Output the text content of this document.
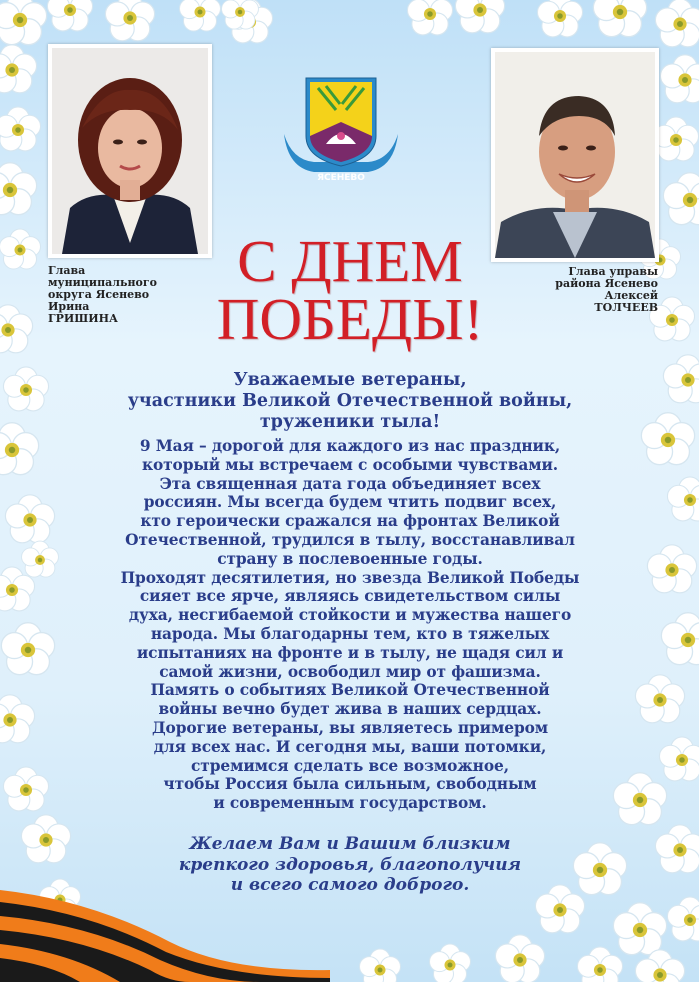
Глава
муниципального
округа Ясенево
Ирина
ГРИШИНА
Глава управы
района Ясенево
Алексей
ТОЛЧЕЕВ
ЯСЕНЕВО
С ДНЕМ
ПОБЕДЫ!
Уважаемые ветераны,
участники Великой Отечественной войны,
труженики тыла!
9 Мая – дорогой для каждого из нас праздник,
который мы встречаем с особыми чувствами.
Эта священная дата года объединяет всех
россиян. Мы всегда будем чтить подвиг всех,
кто героически сражался на фронтах Великой
Отечественной, трудился в тылу, восстанавливал
страну в послевоенные годы.
Проходят десятилетия, но звезда Великой Победы
сияет все ярче, являясь свидетельством силы
духа, несгибаемой стойкости и мужества нашего
народа. Мы благодарны тем, кто в тяжелых
испытаниях на фронте и в тылу, не щадя сил и
самой жизни, освободил мир от фашизма.
Память о событиях Великой Отечественной
войны вечно будет жива в наших сердцах.
Дорогие ветераны, вы являетесь примером
для всех нас. И сегодня мы, ваши потомки,
стремимся сделать все возможное,
чтобы Россия была сильным, свободным
и современным государством.
Желаем Вам и Вашим близким
крепкого здоровья, благополучия
и всего самого доброго.
